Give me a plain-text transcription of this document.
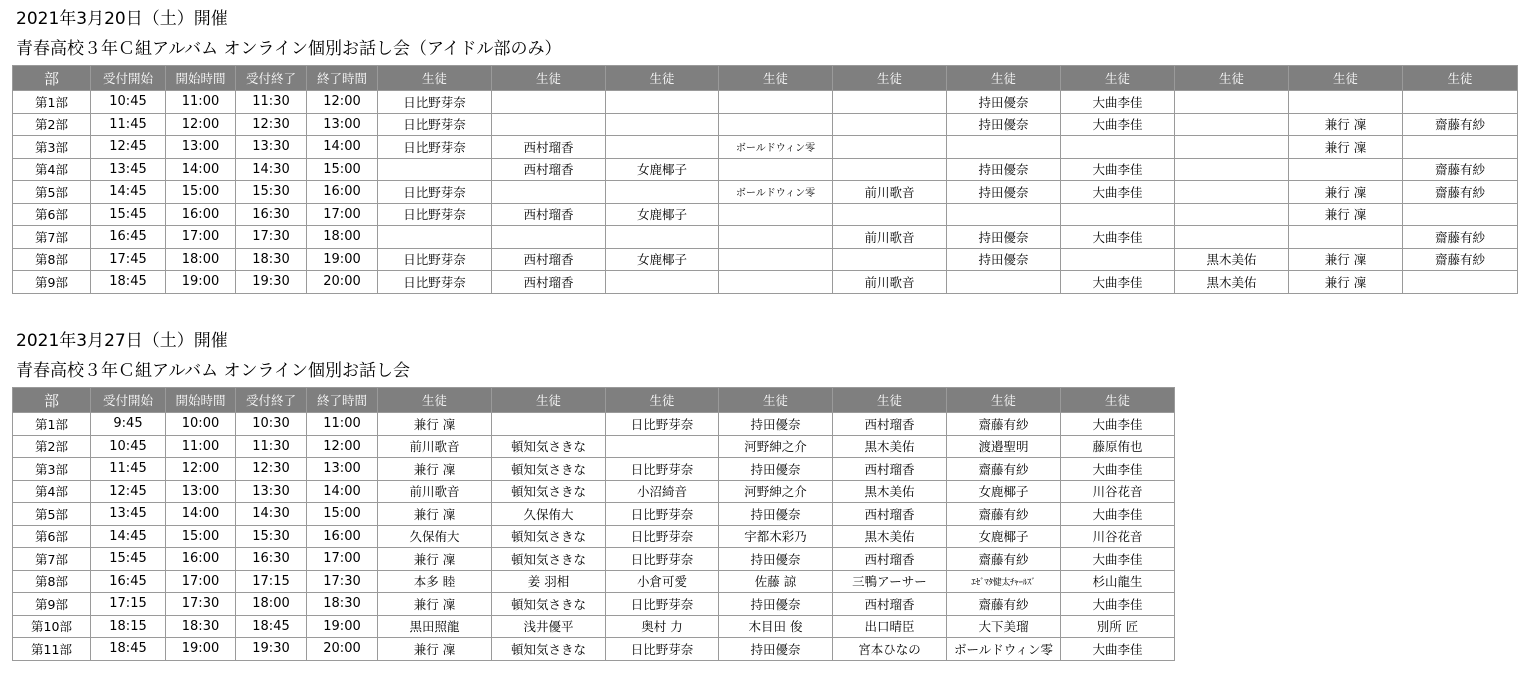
2021年3月20日（土）開催
青春高校３年Ｃ組アルバム オンライン個別お話し会（アイドル部のみ）
部	受付開始	開始時間	受付終了	終了時間	生徒	生徒	生徒	生徒	生徒	生徒	生徒	生徒	生徒	生徒
第1部	10:45	11:00	11:30	12:00	日比野芽奈					持田優奈	大曲李佳			
第2部	11:45	12:00	12:30	13:00	日比野芽奈					持田優奈	大曲李佳		兼行 凜	齋藤有紗
第3部	12:45	13:00	13:30	14:00	日比野芽奈	西村瑠香		ボールドウィン零					兼行 凜	
第4部	13:45	14:00	14:30	15:00		西村瑠香	女鹿椰子			持田優奈	大曲李佳			齋藤有紗
第5部	14:45	15:00	15:30	16:00	日比野芽奈			ボールドウィン零	前川歌音	持田優奈	大曲李佳		兼行 凜	齋藤有紗
第6部	15:45	16:00	16:30	17:00	日比野芽奈	西村瑠香	女鹿椰子						兼行 凜	
第7部	16:45	17:00	17:30	18:00					前川歌音	持田優奈	大曲李佳			齋藤有紗
第8部	17:45	18:00	18:30	19:00	日比野芽奈	西村瑠香	女鹿椰子			持田優奈		黒木美佑	兼行 凜	齋藤有紗
第9部	18:45	19:00	19:30	20:00	日比野芽奈	西村瑠香			前川歌音		大曲李佳	黒木美佑	兼行 凜	
2021年3月27日（土）開催
青春高校３年Ｃ組アルバム オンライン個別お話し会
部	受付開始	開始時間	受付終了	終了時間	生徒	生徒	生徒	生徒	生徒	生徒	生徒
第1部	9:45	10:00	10:30	11:00	兼行 凜		日比野芽奈	持田優奈	西村瑠香	齋藤有紗	大曲李佳
第2部	10:45	11:00	11:30	12:00	前川歌音	頓知気さきな		河野紳之介	黒木美佑	渡邉聖明	藤原侑也
第3部	11:45	12:00	12:30	13:00	兼行 凜	頓知気さきな	日比野芽奈	持田優奈	西村瑠香	齋藤有紗	大曲李佳
第4部	12:45	13:00	13:30	14:00	前川歌音	頓知気さきな	小沼綺音	河野紳之介	黒木美佑	女鹿椰子	川谷花音
第5部	13:45	14:00	14:30	15:00	兼行 凜	久保侑大	日比野芽奈	持田優奈	西村瑠香	齋藤有紗	大曲李佳
第6部	14:45	15:00	15:30	16:00	久保侑大	頓知気さきな	日比野芽奈	宇都木彩乃	黒木美佑	女鹿椰子	川谷花音
第7部	15:45	16:00	16:30	17:00	兼行 凜	頓知気さきな	日比野芽奈	持田優奈	西村瑠香	齋藤有紗	大曲李佳
第8部	16:45	17:00	17:15	17:30	本多 睦	姜 羽相	小倉可愛	佐藤 諒	三鴨アーサー	ｴｾﾞﾏﾀ健太ﾁｬｰﾙｽﾞ	杉山龍生
第9部	17:15	17:30	18:00	18:30	兼行 凜	頓知気さきな	日比野芽奈	持田優奈	西村瑠香	齋藤有紗	大曲李佳
第10部	18:15	18:30	18:45	19:00	黒田照龍	浅井優平	奥村 力	木目田 俊	出口晴臣	大下美瑠	別所 匠
第11部	18:45	19:00	19:30	20:00	兼行 凜	頓知気さきな	日比野芽奈	持田優奈	宮本ひなの	ボールドウィン零	大曲李佳
